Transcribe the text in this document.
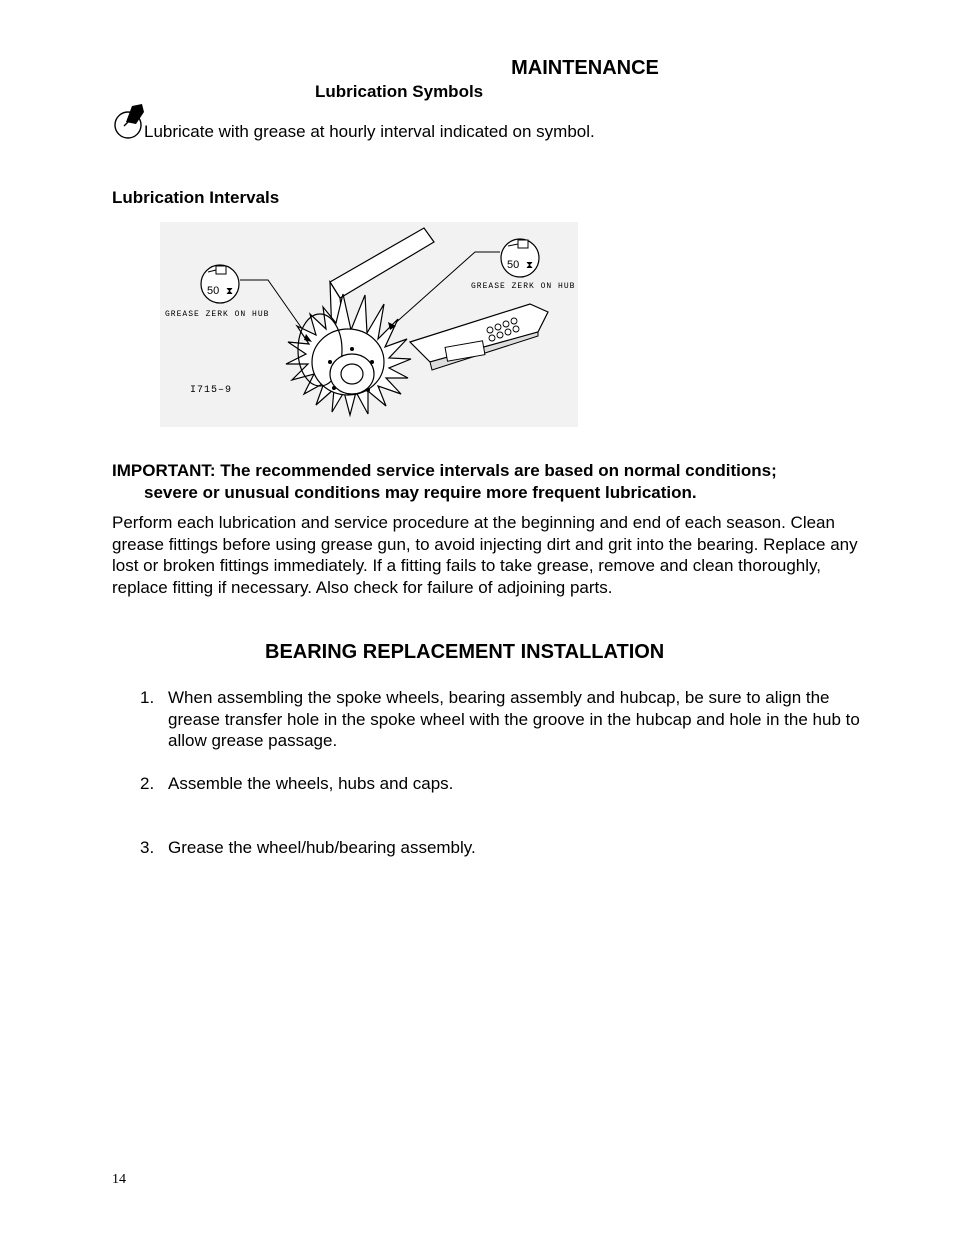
MAINTENANCE
Lubrication Symbols
Lubricate with grease at hourly interval indicated on symbol.
Lubrication Intervals
50 ⧗
GREASE ZERK ON HUB
50 ⧗
GREASE ZERK ON HUB
I715–9
IMPORTANT: The recommended service intervals are based on normal conditions;
severe or unusual conditions may require more frequent lubrication.
Perform each lubrication and service procedure at the beginning and end of each season. Clean grease fittings before using grease gun, to avoid injecting dirt and grit into the bearing. Replace any lost or broken fittings immediately. If a fitting fails to take grease, remove and clean thoroughly, replace fitting if necessary. Also check for failure of adjoining parts.
BEARING REPLACEMENT INSTALLATION
1. When assembling the spoke wheels, bearing assembly and hubcap, be sure to align the grease transfer hole in the spoke wheel with the groove in the hubcap and hole in the hub to allow grease passage.
2. Assemble the wheels, hubs and caps.
3. Grease the wheel/hub/bearing assembly.
14
